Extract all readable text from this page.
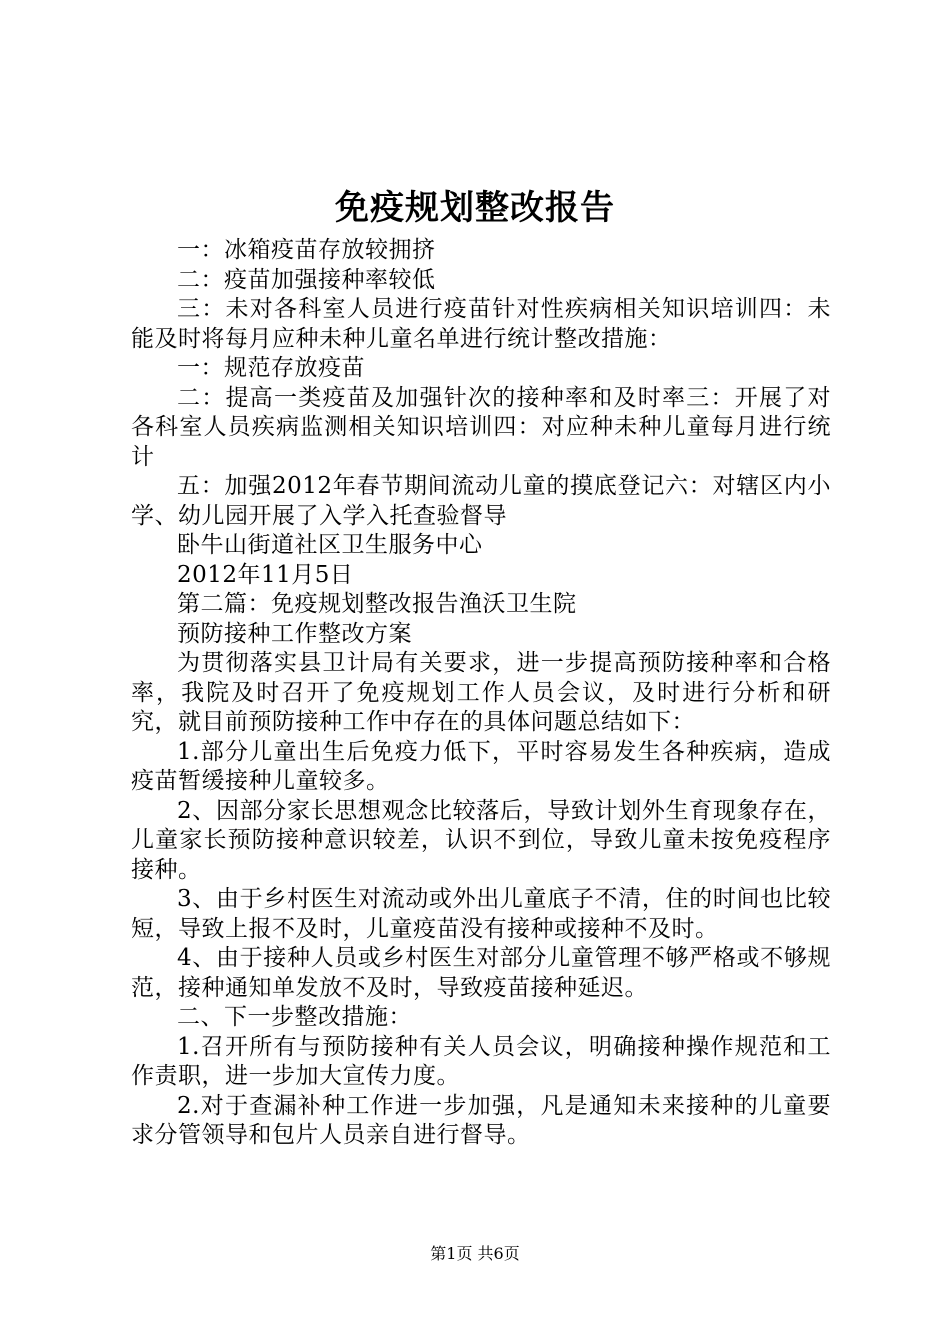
免疫规划整改报告

一：冰箱疫苗存放较拥挤

二：疫苗加强接种率较低

三：未对各科室人员进行疫苗针对性疾病相关知识培训四：未能及时将每月应种未种儿童名单进行统计整改措施：

一：规范存放疫苗

二：提高一类疫苗及加强针次的接种率和及时率三：开展了对各科室人员疾病监测相关知识培训四：对应种未种儿童每月进行统计

五：加强2012年春节期间流动儿童的摸底登记六：对辖区内小学、幼儿园开展了入学入托查验督导

卧牛山街道社区卫生服务中心

2012年11月5日

第二篇：免疫规划整改报告渔沃卫生院

预防接种工作整改方案

为贯彻落实县卫计局有关要求，进一步提高预防接种率和合格率，我院及时召开了免疫规划工作人员会议，及时进行分析和研究，就目前预防接种工作中存在的具体问题总结如下：

1.部分儿童出生后免疫力低下，平时容易发生各种疾病，造成疫苗暂缓接种儿童较多。

2、因部分家长思想观念比较落后，导致计划外生育现象存在，儿童家长预防接种意识较差，认识不到位，导致儿童未按免疫程序接种。

3、由于乡村医生对流动或外出儿童底子不清，住的时间也比较短，导致上报不及时，儿童疫苗没有接种或接种不及时。

4、由于接种人员或乡村医生对部分儿童管理不够严格或不够规范，接种通知单发放不及时，导致疫苗接种延迟。

二、下一步整改措施：

1.召开所有与预防接种有关人员会议，明确接种操作规范和工作责职，进一步加大宣传力度。

2.对于查漏补种工作进一步加强，凡是通知未来接种的儿童要求分管领导和包片人员亲自进行督导。

第1页 共6页
